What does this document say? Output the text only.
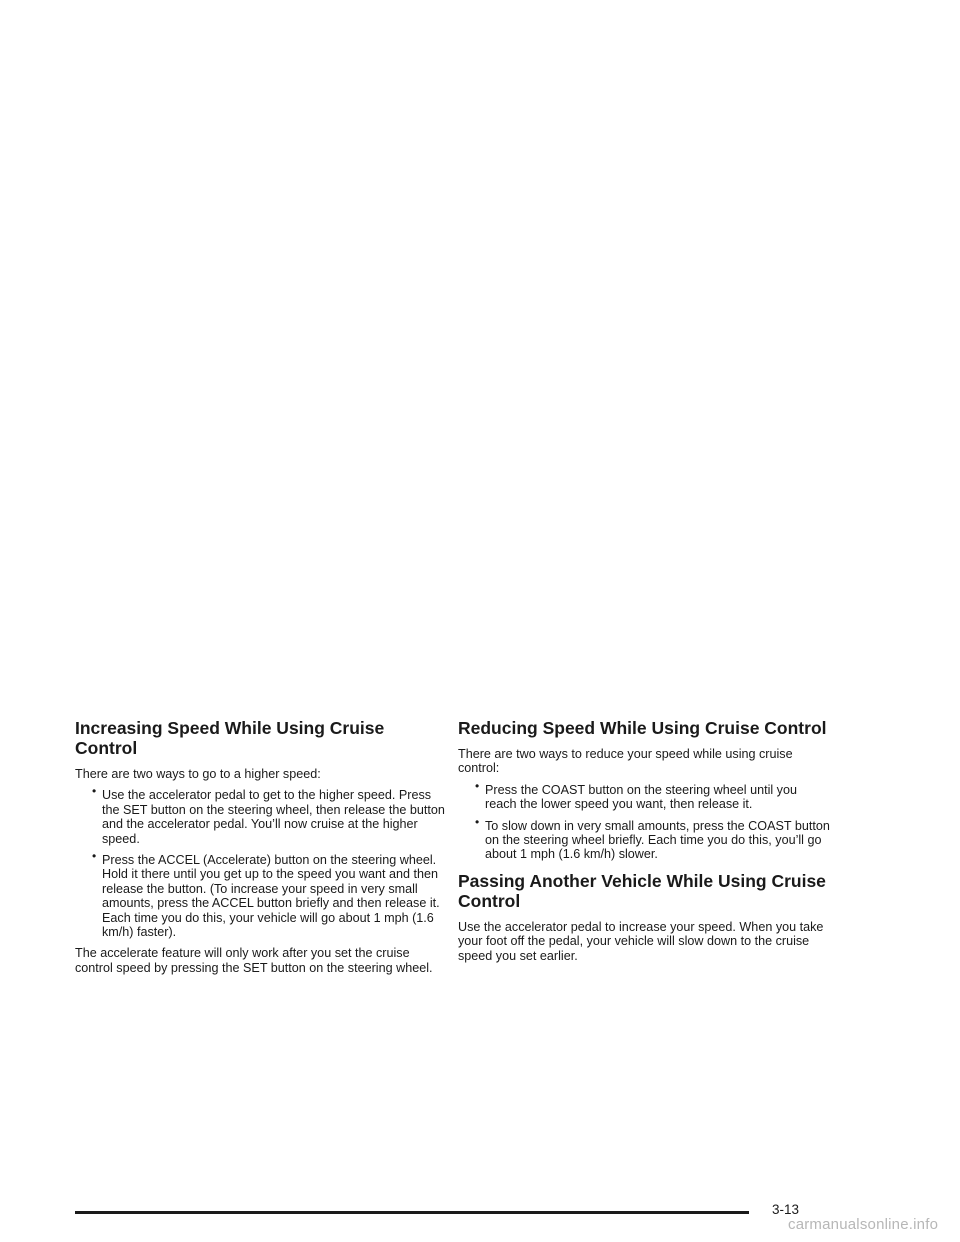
Increasing Speed While Using Cruise Control

There are two ways to go to a higher speed:

• Use the accelerator pedal to get to the higher speed. Press the SET button on the steering wheel, then release the button and the accelerator pedal. You’ll now cruise at the higher speed.
• Press the ACCEL (Accelerate) button on the steering wheel. Hold it there until you get up to the speed you want and then release the button. (To increase your speed in very small amounts, press the ACCEL button briefly and then release it. Each time you do this, your vehicle will go about 1 mph (1.6 km/h) faster).

The accelerate feature will only work after you set the cruise control speed by pressing the SET button on the steering wheel.

Reducing Speed While Using Cruise Control

There are two ways to reduce your speed while using cruise control:

• Press the COAST button on the steering wheel until you reach the lower speed you want, then release it.
• To slow down in very small amounts, press the COAST button on the steering wheel briefly. Each time you do this, you’ll go about 1 mph (1.6 km/h) slower.
Passing Another Vehicle While Using Cruise Control

Use the accelerator pedal to increase your speed. When you take your foot off the pedal, your vehicle will slow down to the cruise speed you set earlier.

3-13
carmanualsonline.info
